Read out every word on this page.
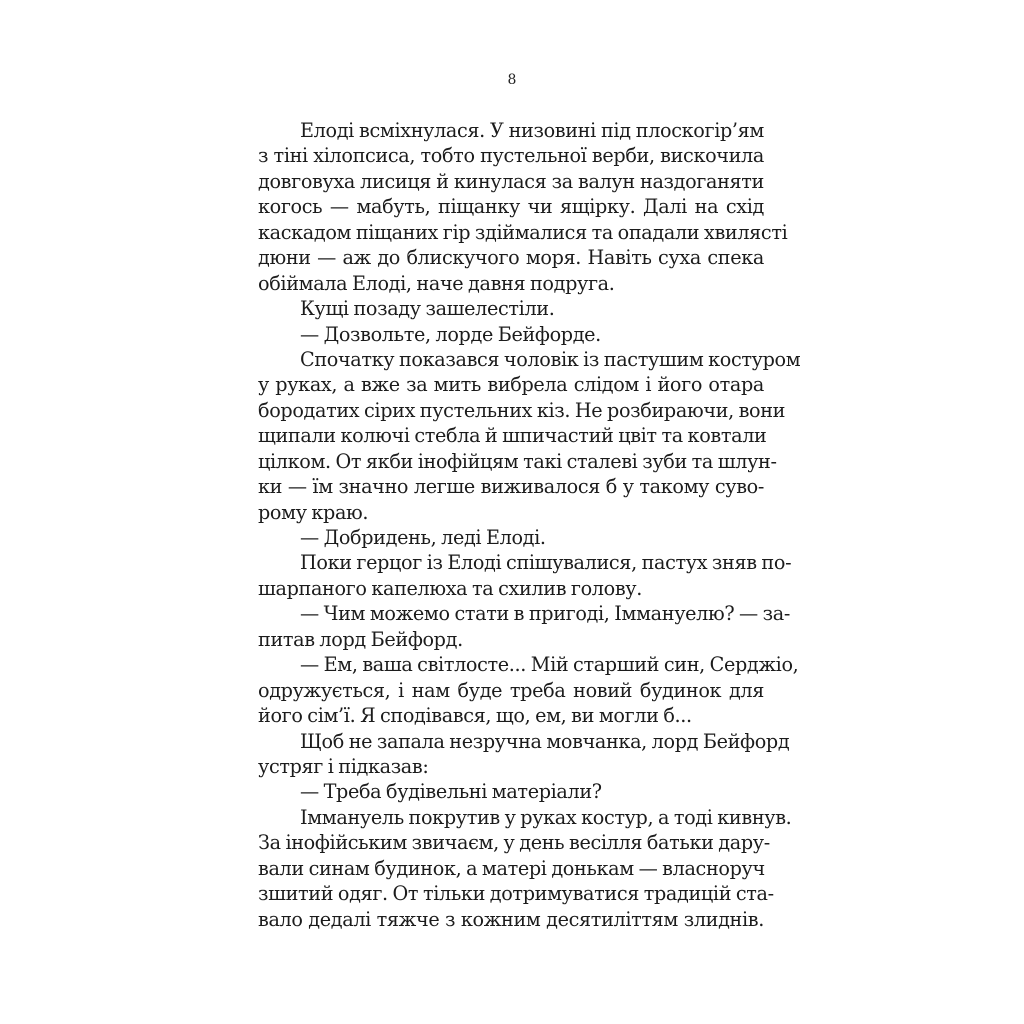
8
Елоді всміхнулася. У низовині під плоскогір’ям
з тіні хілопсиса, тобто пустельної верби, вискочила
довговуха лисиця й кинулася за валун наздоганяти
когось — мабуть, піщанку чи ящірку. Далі на схід
каскадом піщаних гір здіймалися та опадали хвилясті
дюни — аж до блискучого моря. Навіть суха спека
обіймала Елоді, наче давня подруга.
Кущі позаду зашелестіли.
— Дозвольте, лорде Бейфорде.
Спочатку показався чоловік із пастушим костуром
у руках, а вже за мить вибрела слідом і його отара
бородатих сірих пустельних кіз. Не розбираючи, вони
щипали колючі стебла й шпичастий цвіт та ковтали
цілком. От якби інофійцям такі сталеві зуби та шлун-
ки — їм значно легше виживалося б у такому суво-
рому краю.
— Добридень, леді Елоді.
Поки герцог із Елоді спішувалися, пастух зняв по-
шарпаного капелюха та схилив голову.
— Чим можемо стати в пригоді, Іммануелю? — за-
питав лорд Бейфорд.
— Ем, ваша світлосте... Мій старший син, Серджіо,
одружується, і нам буде треба новий будинок для
його сім’ї. Я сподівався, що, ем, ви могли б...
Щоб не запала незручна мовчанка, лорд Бейфорд
устряг і підказав:
— Треба будівельні матеріали?
Іммануель покрутив у руках костур, а тоді кивнув.
За інофійським звичаєм, у день весілля батьки дару-
вали синам будинок, а матері донькам — власноруч
зшитий одяг. От тільки дотримуватися традицій ста-
вало дедалі тяжче з кожним десятиліттям злиднів.
